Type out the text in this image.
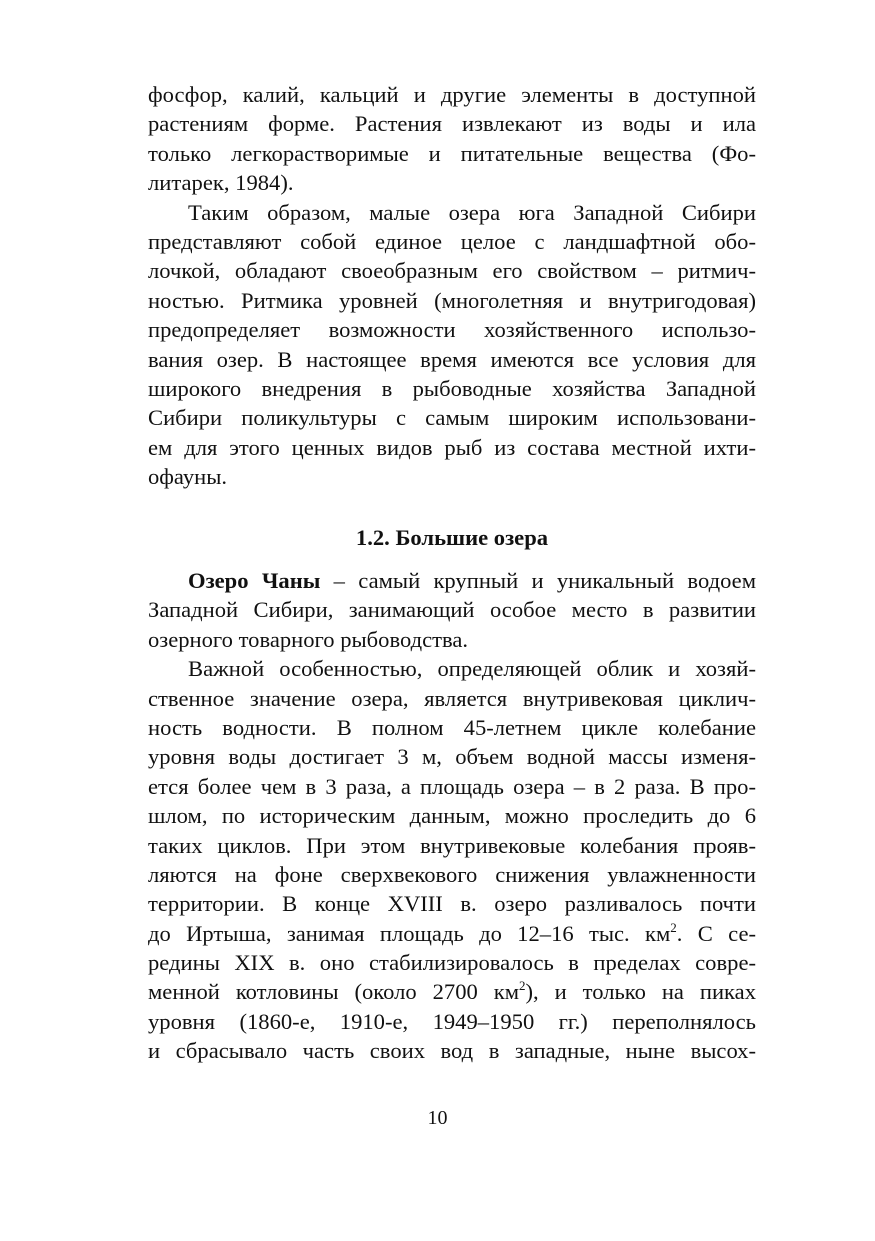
фосфор, калий, кальций и другие элементы в доступной
растениям форме. Растения извлекают из воды и ила
только легкорастворимые и питательные вещества (Фо-
литарек, 1984).
Таким образом, малые озера юга Западной Сибири
представляют собой единое целое с ландшафтной обо-
лочкой, обладают своеобразным его свойством – ритмич-
ностью. Ритмика уровней (многолетняя и внутригодовая)
предопределяет возможности хозяйственного использо-
вания озер. В настоящее время имеются все условия для
широкого внедрения в рыбоводные хозяйства Западной
Сибири поликультуры с самым широким использовани-
ем для этого ценных видов рыб из состава местной ихти-
офауны.
1.2. Большие озера
Озеро Чаны – самый крупный и уникальный водоем
Западной Сибири, занимающий особое место в развитии
озерного товарного рыбоводства.
Важной особенностью, определяющей облик и хозяй-
ственное значение озера, является внутривековая циклич-
ность водности. В полном 45-летнем цикле колебание
уровня воды достигает 3 м, объем водной массы изменя-
ется более чем в 3 раза, а площадь озера – в 2 раза. В про-
шлом, по историческим данным, можно проследить до 6
таких циклов. При этом внутривековые колебания прояв-
ляются на фоне сверхвекового снижения увлажненности
территории. В конце XVIII в. озеро разливалось почти
до Иртыша, занимая площадь до 12–16 тыс. $км^2$. С се-
редины XIX в. оно стабилизировалось в пределах совре-
менной котловины (около 2700 $км^2$), и только на пиках
уровня (1860-е, 1910-е, 1949–1950 гг.) переполнялось
и сбрасывало часть своих вод в западные, ныне высох-
10
